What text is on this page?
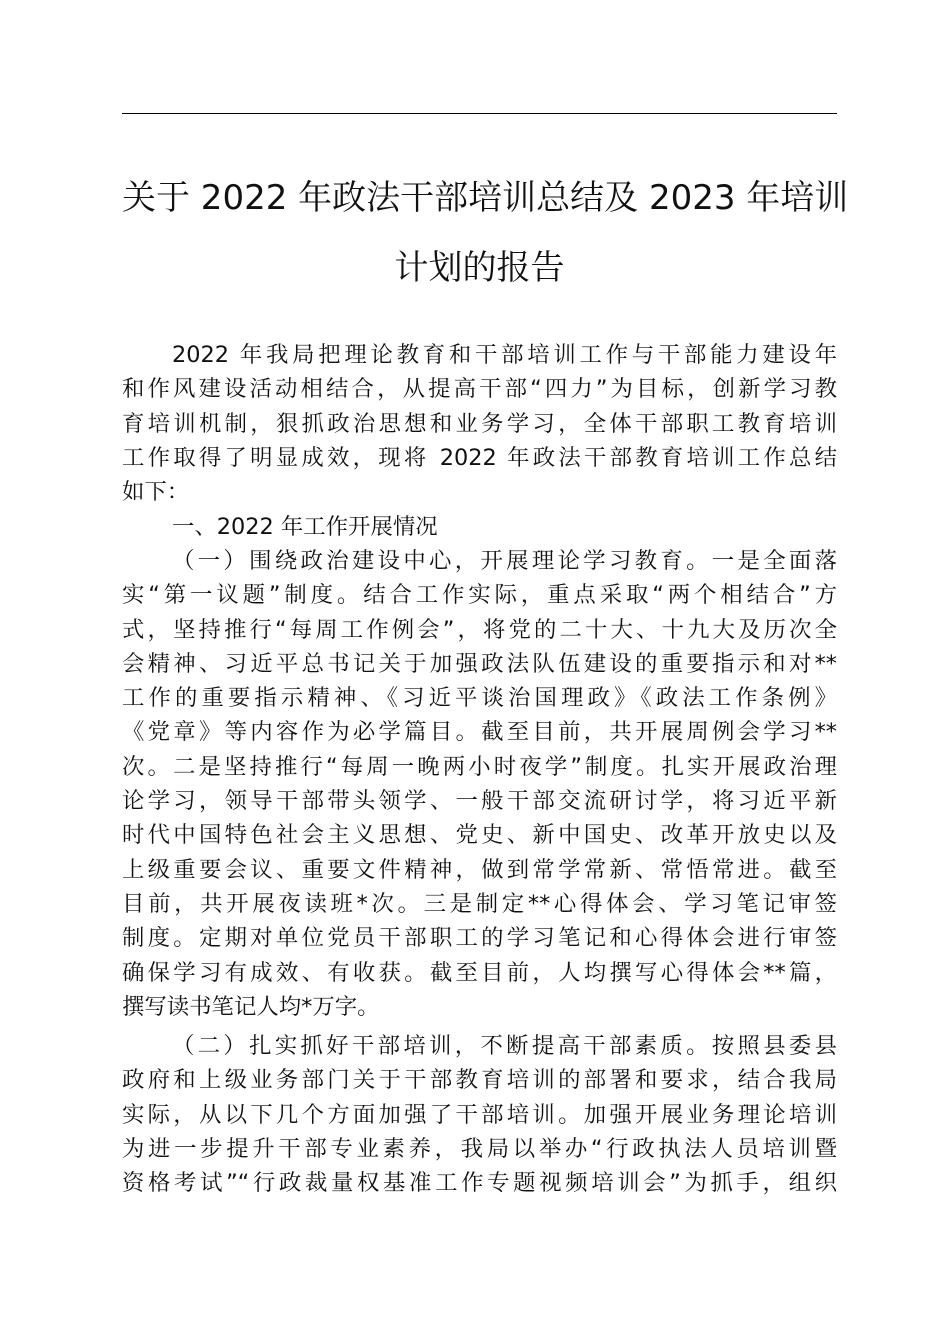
关于 2022 年政法干部培训总结及 2023 年培训
计划的报告
2022 年我局把理论教育和干部培训工作与干部能力建设年
和作风建设活动相结合，从提高干部“四力”为目标，创新学习教
育培训机制，狠抓政治思想和业务学习，全体干部职工教育培训
工作取得了明显成效，现将 2022 年政法干部教育培训工作总结
如下：
一、2022 年工作开展情况
（一）围绕政治建设中心，开展理论学习教育。一是全面落
实“第一议题”制度。结合工作实际，重点采取“两个相结合”方
式，坚持推行“每周工作例会”，将党的二十大、十九大及历次全
会精神、习近平总书记关于加强政法队伍建设的重要指示和对**
工作的重要指示精神、《习近平谈治国理政》《政法工作条例》
《党章》等内容作为必学篇目。截至目前，共开展周例会学习**
次。二是坚持推行“每周一晚两小时夜学”制度。扎实开展政治理
论学习，领导干部带头领学、一般干部交流研讨学，将习近平新
时代中国特色社会主义思想、党史、新中国史、改革开放史以及
上级重要会议、重要文件精神，做到常学常新、常悟常进。截至
目前，共开展夜读班*次。三是制定**心得体会、学习笔记审签
制度。定期对单位党员干部职工的学习笔记和心得体会进行审签
确保学习有成效、有收获。截至目前，人均撰写心得体会**篇，
撰写读书笔记人均*万字。
（二）扎实抓好干部培训，不断提高干部素质。按照县委县
政府和上级业务部门关于干部教育培训的部署和要求，结合我局
实际，从以下几个方面加强了干部培训。加强开展业务理论培训
为进一步提升干部专业素养，我局以举办“行政执法人员培训暨
资格考试”“行政裁量权基准工作专题视频培训会”为抓手，组织
